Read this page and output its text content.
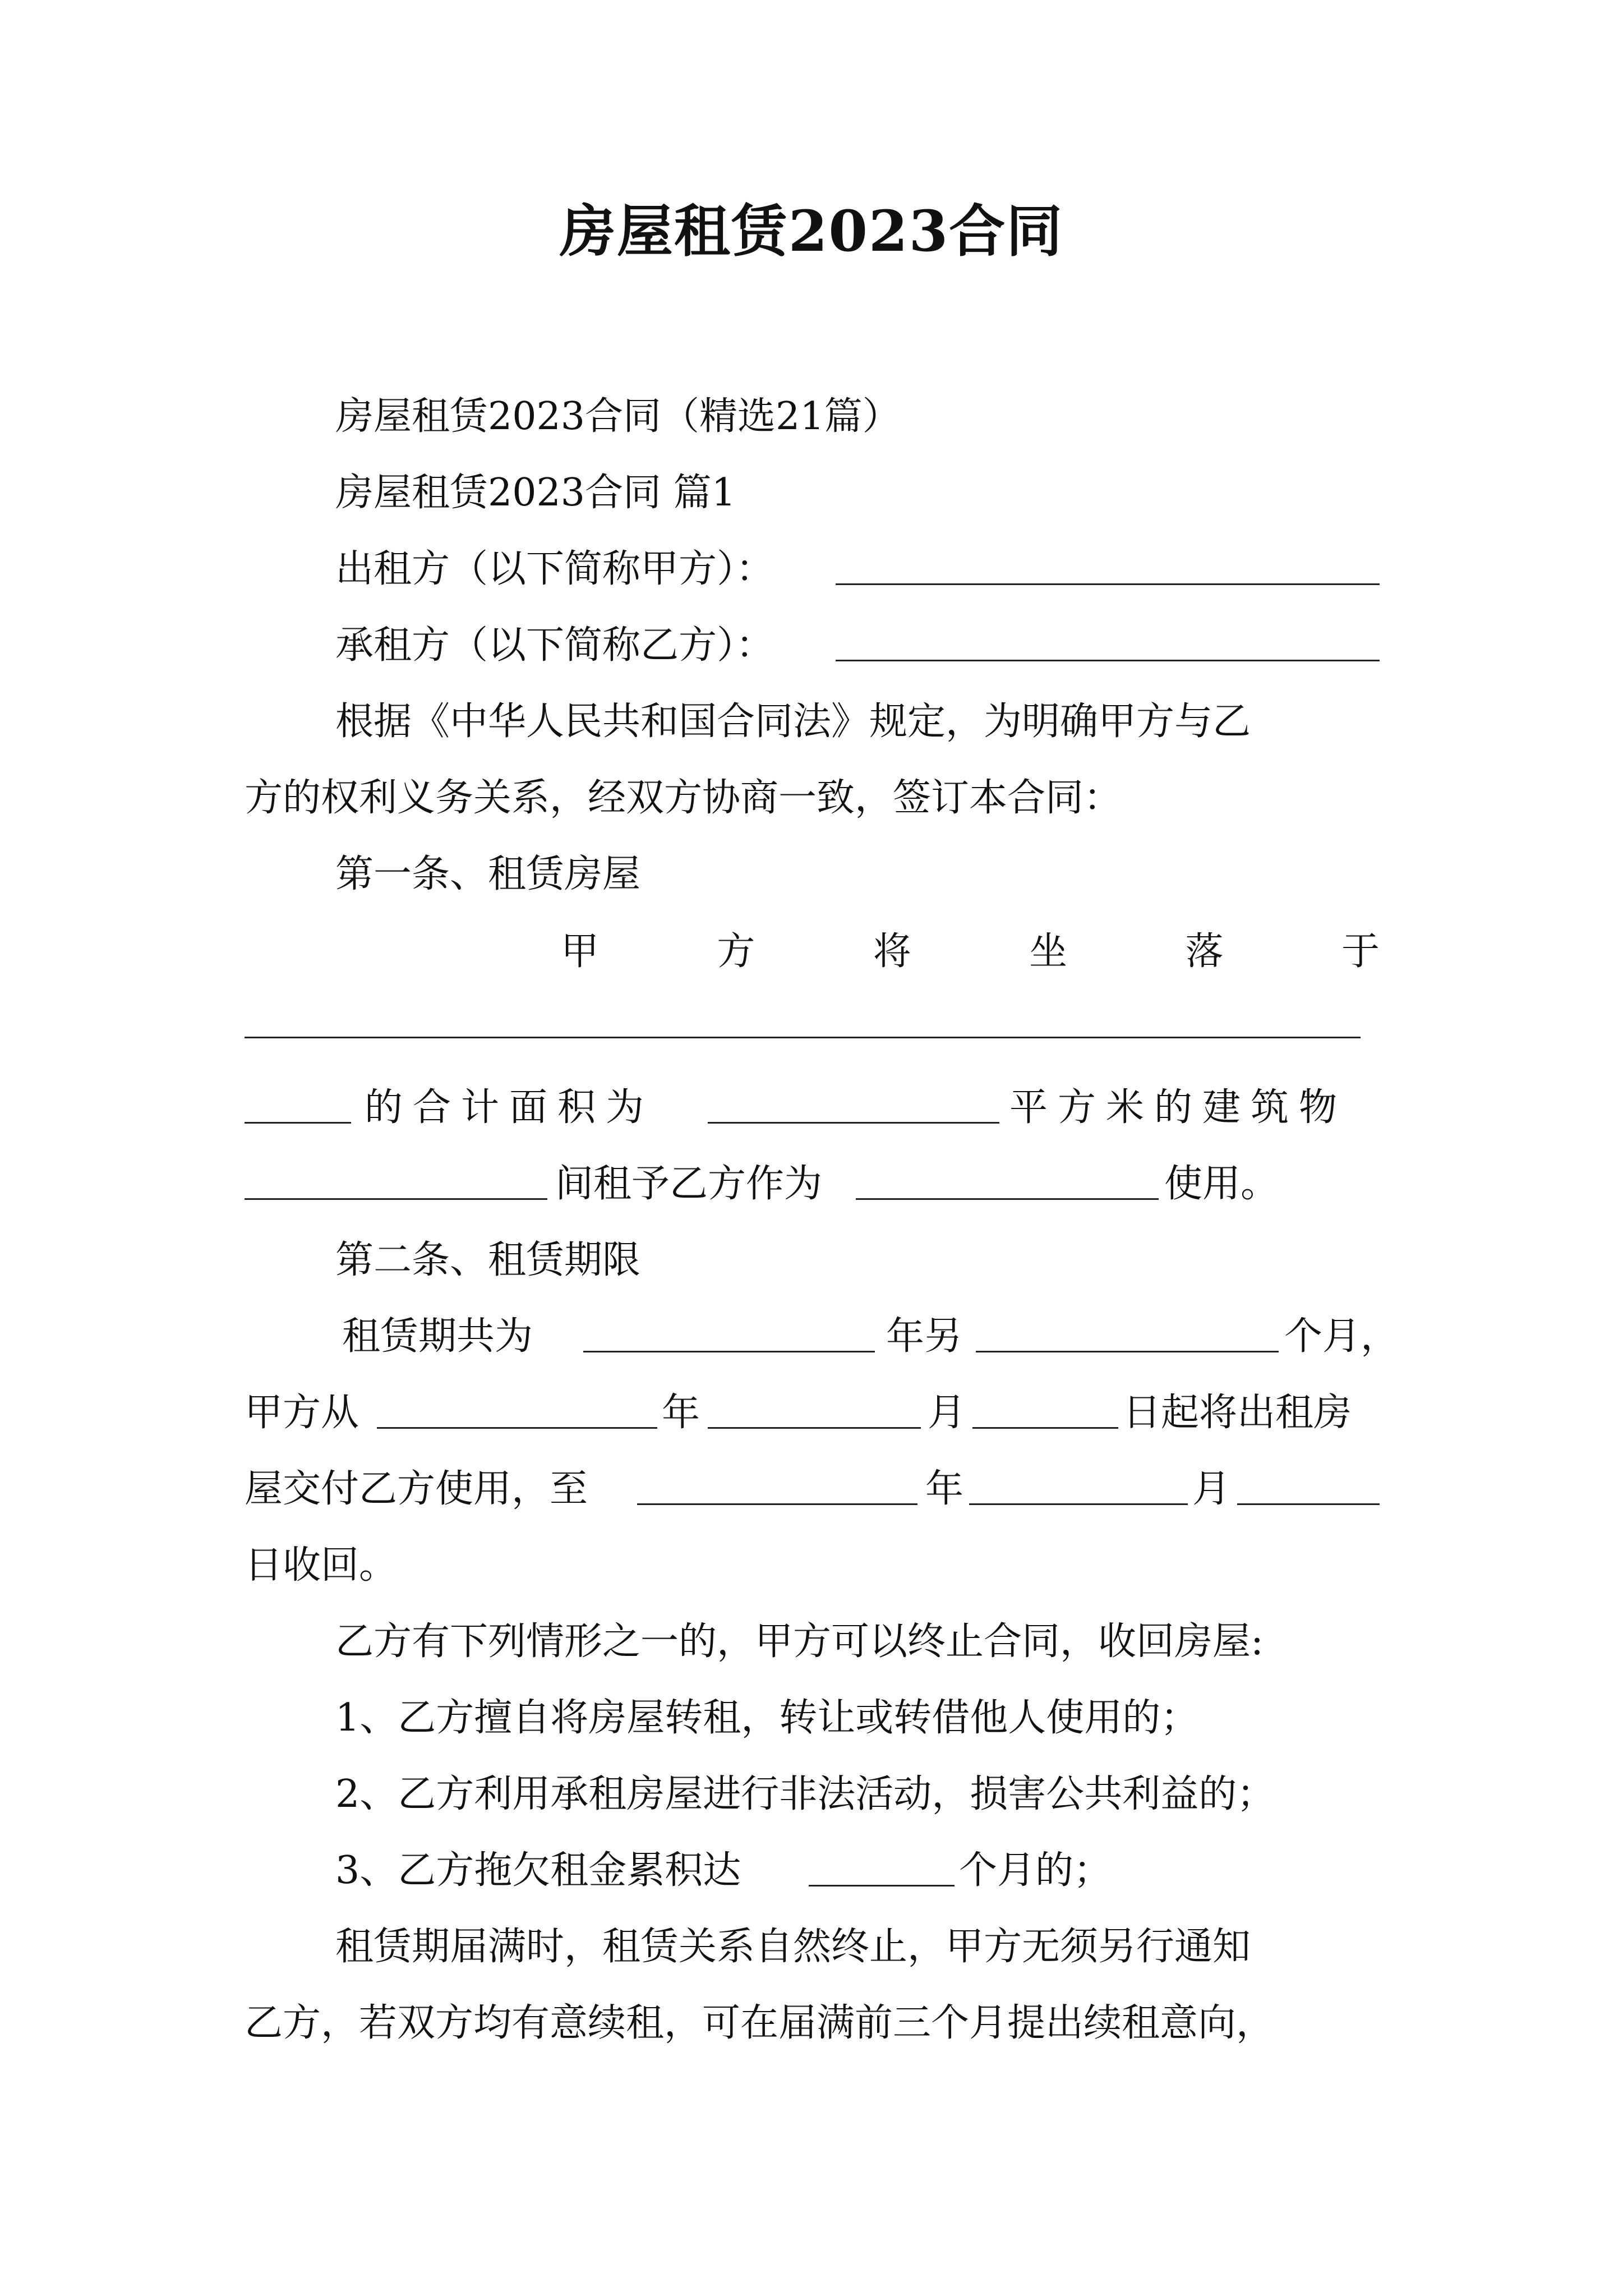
房屋租赁2023合同
房屋租赁2023合同（精选21篇）
房屋租赁2023合同 篇1
出租方（以下简称甲方）：
承租方（以下简称乙方）：
根据《中华人民共和国合同法》规定，为明确甲方与乙
方的权利义务关系，经双方协商一致，签订本合同：
第一条、租赁房屋
甲	方	将	坐	落	于
的合计面积为	平方米的建筑物
间租予乙方作为	使用。
第二条、租赁期限
租赁期共为	年另	个月，
甲方从	年	月	日起将出租房
屋交付乙方使用，至	年	月
日收回。
乙方有下列情形之一的，甲方可以终止合同，收回房屋:
1、乙方擅自将房屋转租，转让或转借他人使用的；
2、乙方利用承租房屋进行非法活动，损害公共利益的；
3、乙方拖欠租金累积达	个月的；
租赁期届满时，租赁关系自然终止，甲方无须另行通知
乙方，若双方均有意续租，可在届满前三个月提出续租意向，
